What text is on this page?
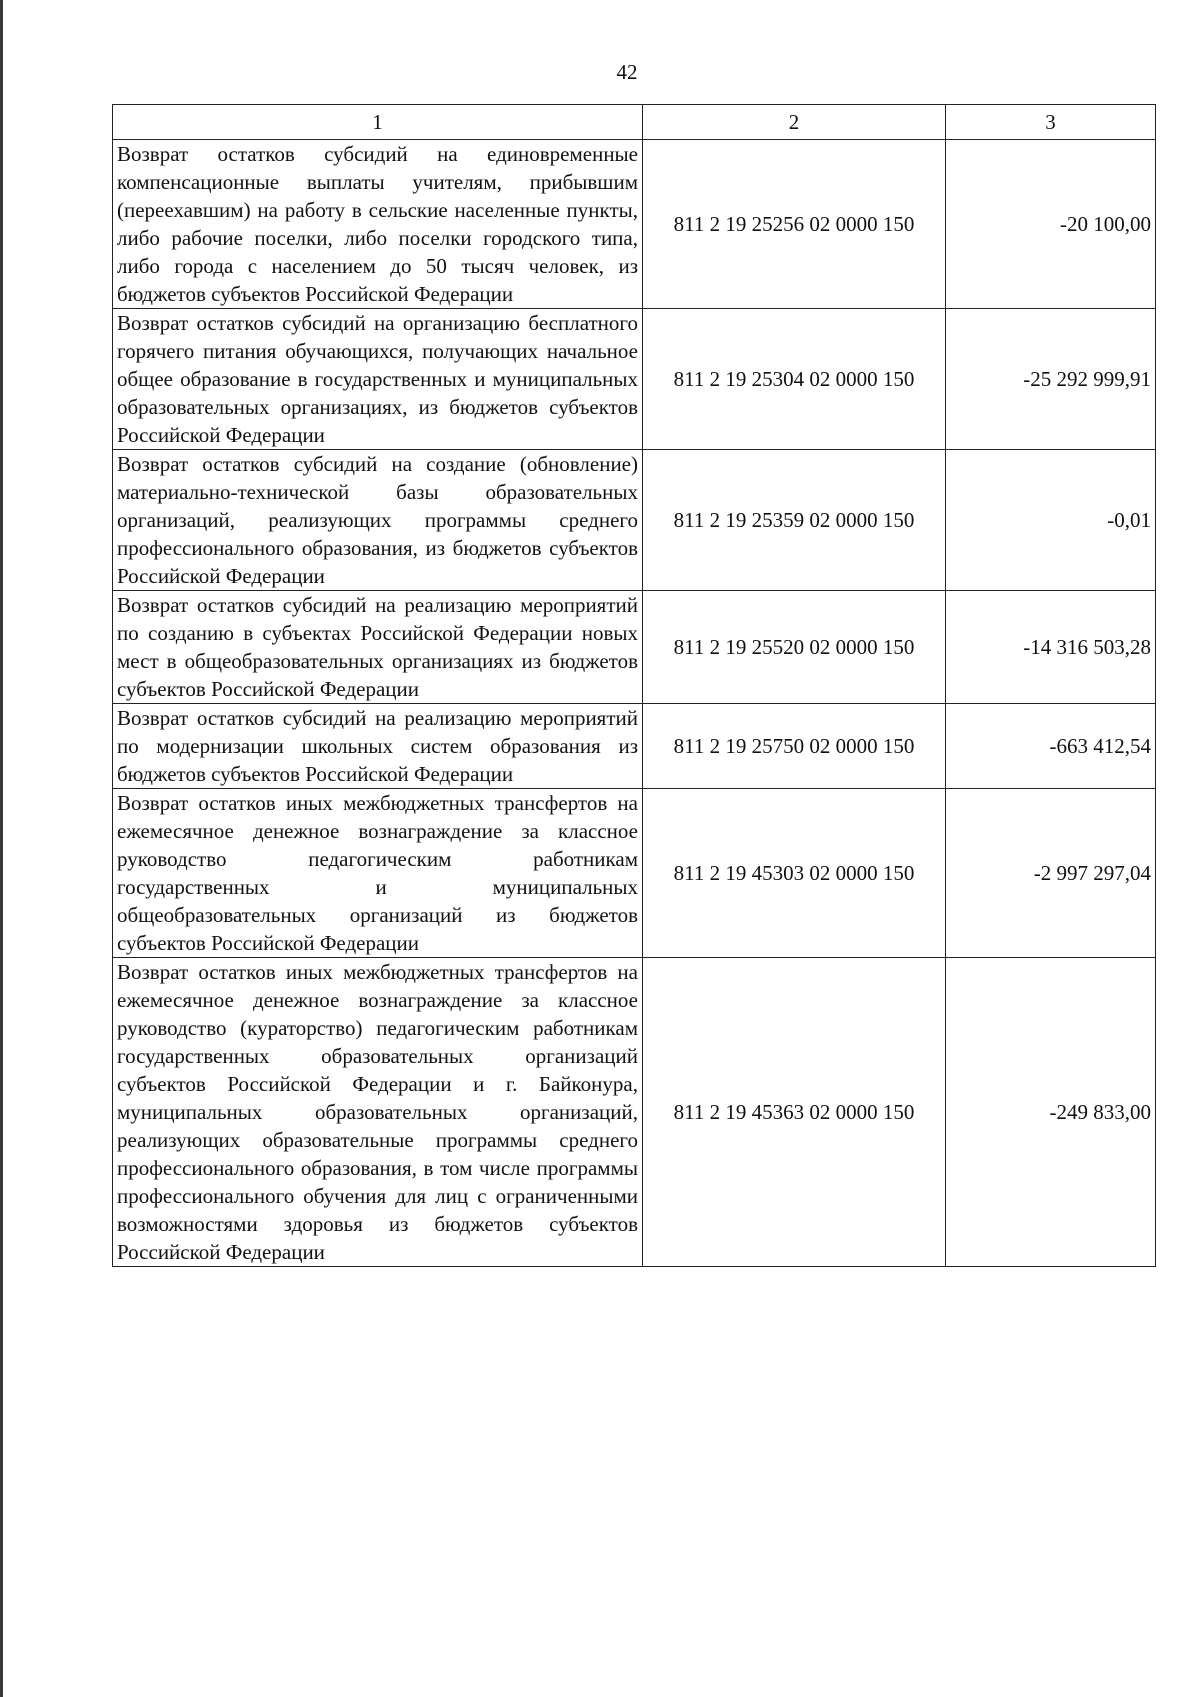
42
1	2	3
Возврат остатков субсидий на единовременные компенсационные выплаты учителям, прибывшим (переехавшим) на работу в сельские населенные пункты, либо рабочие поселки, либо поселки городского типа, либо города с населением до 50 тысяч человек, из бюджетов субъектов Российской Федерации	811 2 19 25256 02 0000 150	-20 100,00
Возврат остатков субсидий на организацию бесплатного горячего питания обучающихся, получающих начальное общее образование в государственных и муниципальных образовательных организациях, из бюджетов субъектов Российской Федерации	811 2 19 25304 02 0000 150	-25 292 999,91
Возврат остатков субсидий на создание (обновление) материально-технической базы образовательных организаций, реализующих программы среднего профессионального образования, из бюджетов субъектов Российской Федерации	811 2 19 25359 02 0000 150	-0,01
Возврат остатков субсидий на реализацию мероприятий по созданию в субъектах Российской Федерации новых мест в общеобразовательных организациях из бюджетов субъектов Российской Федерации	811 2 19 25520 02 0000 150	-14 316 503,28
Возврат остатков субсидий на реализацию мероприятий по модернизации школьных систем образования из бюджетов субъектов Российской Федерации	811 2 19 25750 02 0000 150	-663 412,54
Возврат остатков иных межбюджетных трансфертов на ежемесячное денежное вознаграждение за классное руководство педагогическим работникам государственных и муниципальных общеобразовательных организаций из бюджетов субъектов Российской Федерации	811 2 19 45303 02 0000 150	-2 997 297,04
Возврат остатков иных межбюджетных трансфертов на ежемесячное денежное вознаграждение за классное руководство (кураторство) педагогическим работникам государственных образовательных организаций субъектов Российской Федерации и г. Байконура, муниципальных образовательных организаций, реализующих образовательные программы среднего профессионального образования, в том числе программы профессионального обучения для лиц с ограниченными возможностями здоровья из бюджетов субъектов Российской Федерации	811 2 19 45363 02 0000 150	-249 833,00
